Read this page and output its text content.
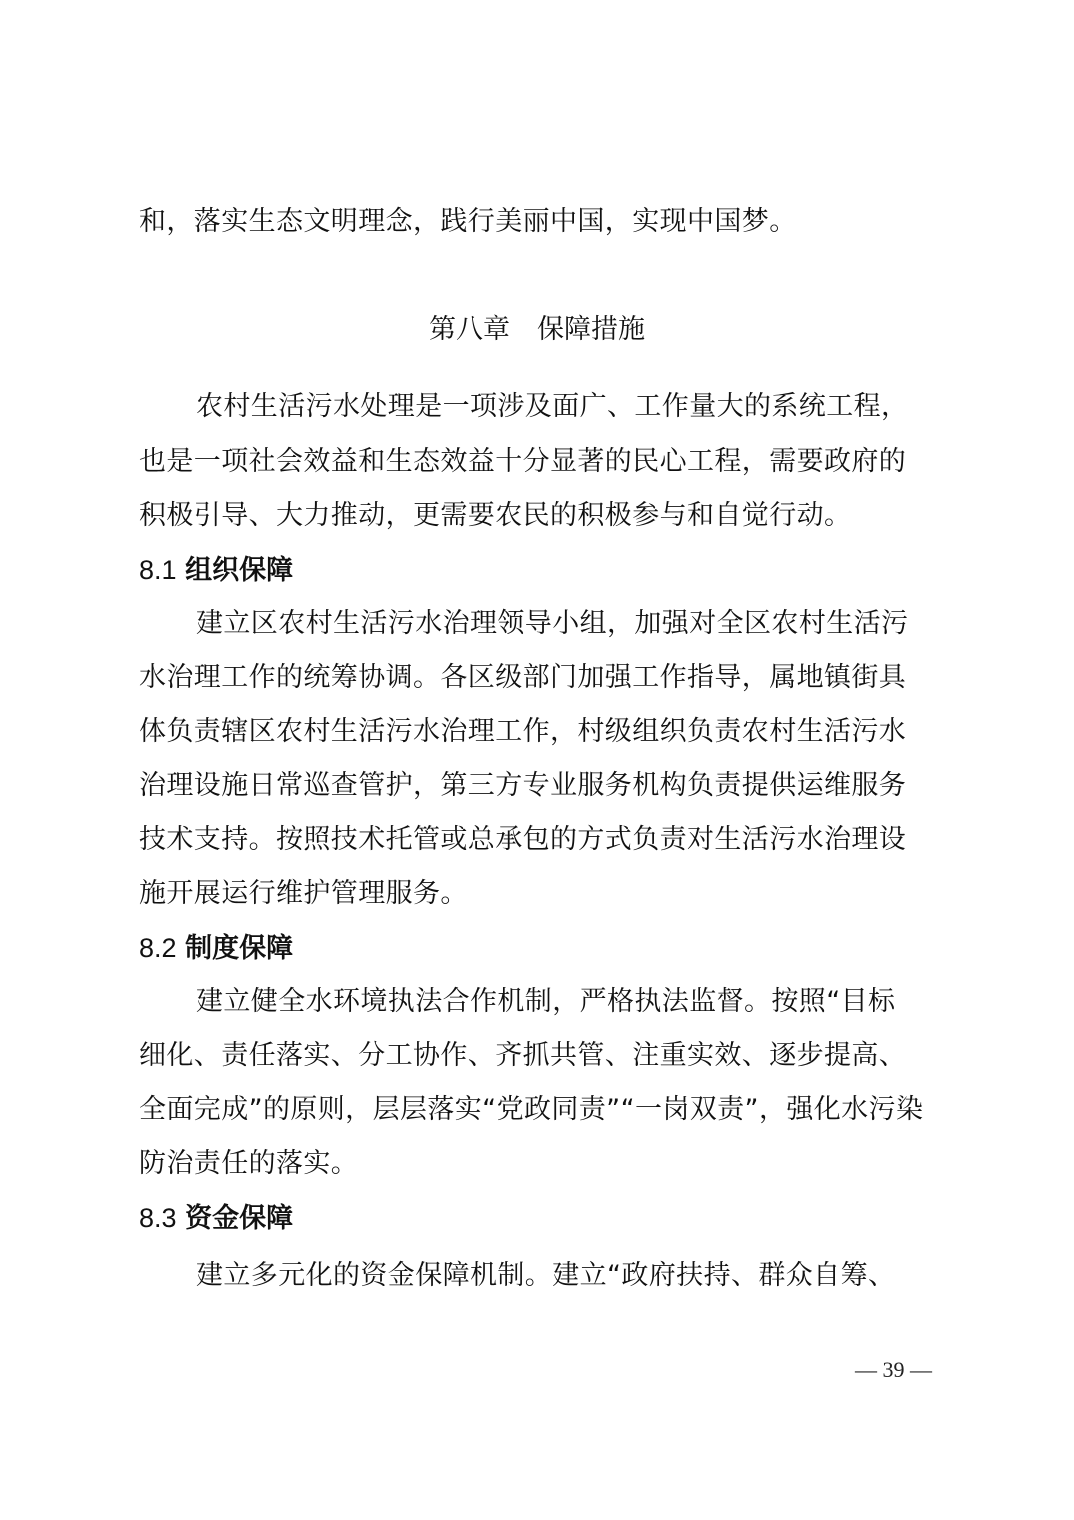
和，落实生态文明理念，践行美丽中国，实现中国梦。
第八章　保障措施
农村生活污水处理是一项涉及面广、工作量大的系统工程，
也是一项社会效益和生态效益十分显著的民心工程，需要政府的
积极引导、大力推动，更需要农民的积极参与和自觉行动。
8.1 组织保障
建立区农村生活污水治理领导小组，加强对全区农村生活污
水治理工作的统筹协调。各区级部门加强工作指导，属地镇街具
体负责辖区农村生活污水治理工作，村级组织负责农村生活污水
治理设施日常巡查管护，第三方专业服务机构负责提供运维服务
技术支持。按照技术托管或总承包的方式负责对生活污水治理设
施开展运行维护管理服务。
8.2 制度保障
建立健全水环境执法合作机制，严格执法监督。按照“目标
细化、责任落实、分工协作、齐抓共管、注重实效、逐步提高、
全面完成”的原则，层层落实“党政同责”“一岗双责”，强化水污染
防治责任的落实。
8.3 资金保障
建立多元化的资金保障机制。建立“政府扶持、群众自筹、
— 39 —
